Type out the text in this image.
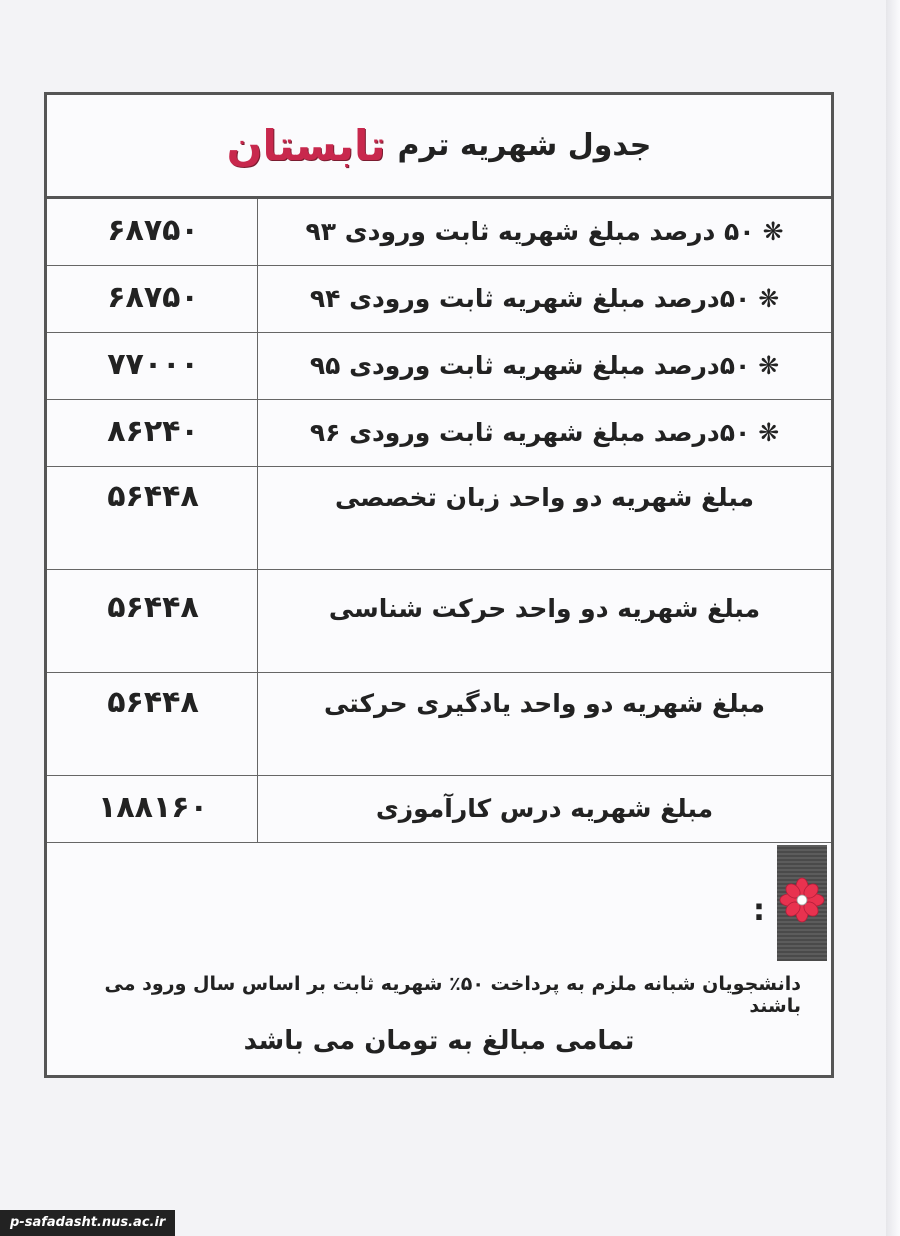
جدول شهریه ترم
تابستان
❋
۵۰ درصد مبلغ شهریه ثابت ورودی ۹۳
۶۸۷۵۰
❋
۵۰درصد مبلغ شهریه ثابت ورودی ۹۴
۶۸۷۵۰
❋
۵۰درصد مبلغ شهریه ثابت ورودی ۹۵
۷۷۰۰۰
❋
۵۰درصد مبلغ شهریه ثابت ورودی ۹۶
۸۶۲۴۰
مبلغ شهریه دو واحد زبان تخصصی
۵۶۴۴۸
مبلغ شهریه دو واحد حرکت شناسی
۵۶۴۴۸
مبلغ شهریه دو واحد یادگیری حرکتی
۵۶۴۴۸
مبلغ شهریه درس کارآموزی
۱۸۸۱۶۰
:
دانشجویان شبانه ملزم به پرداخت ۵۰٪ شهریه ثابت بر اساس سال ورود می باشند
تمامی مبالغ به تومان می باشد
p-safadasht.nus.ac.ir
